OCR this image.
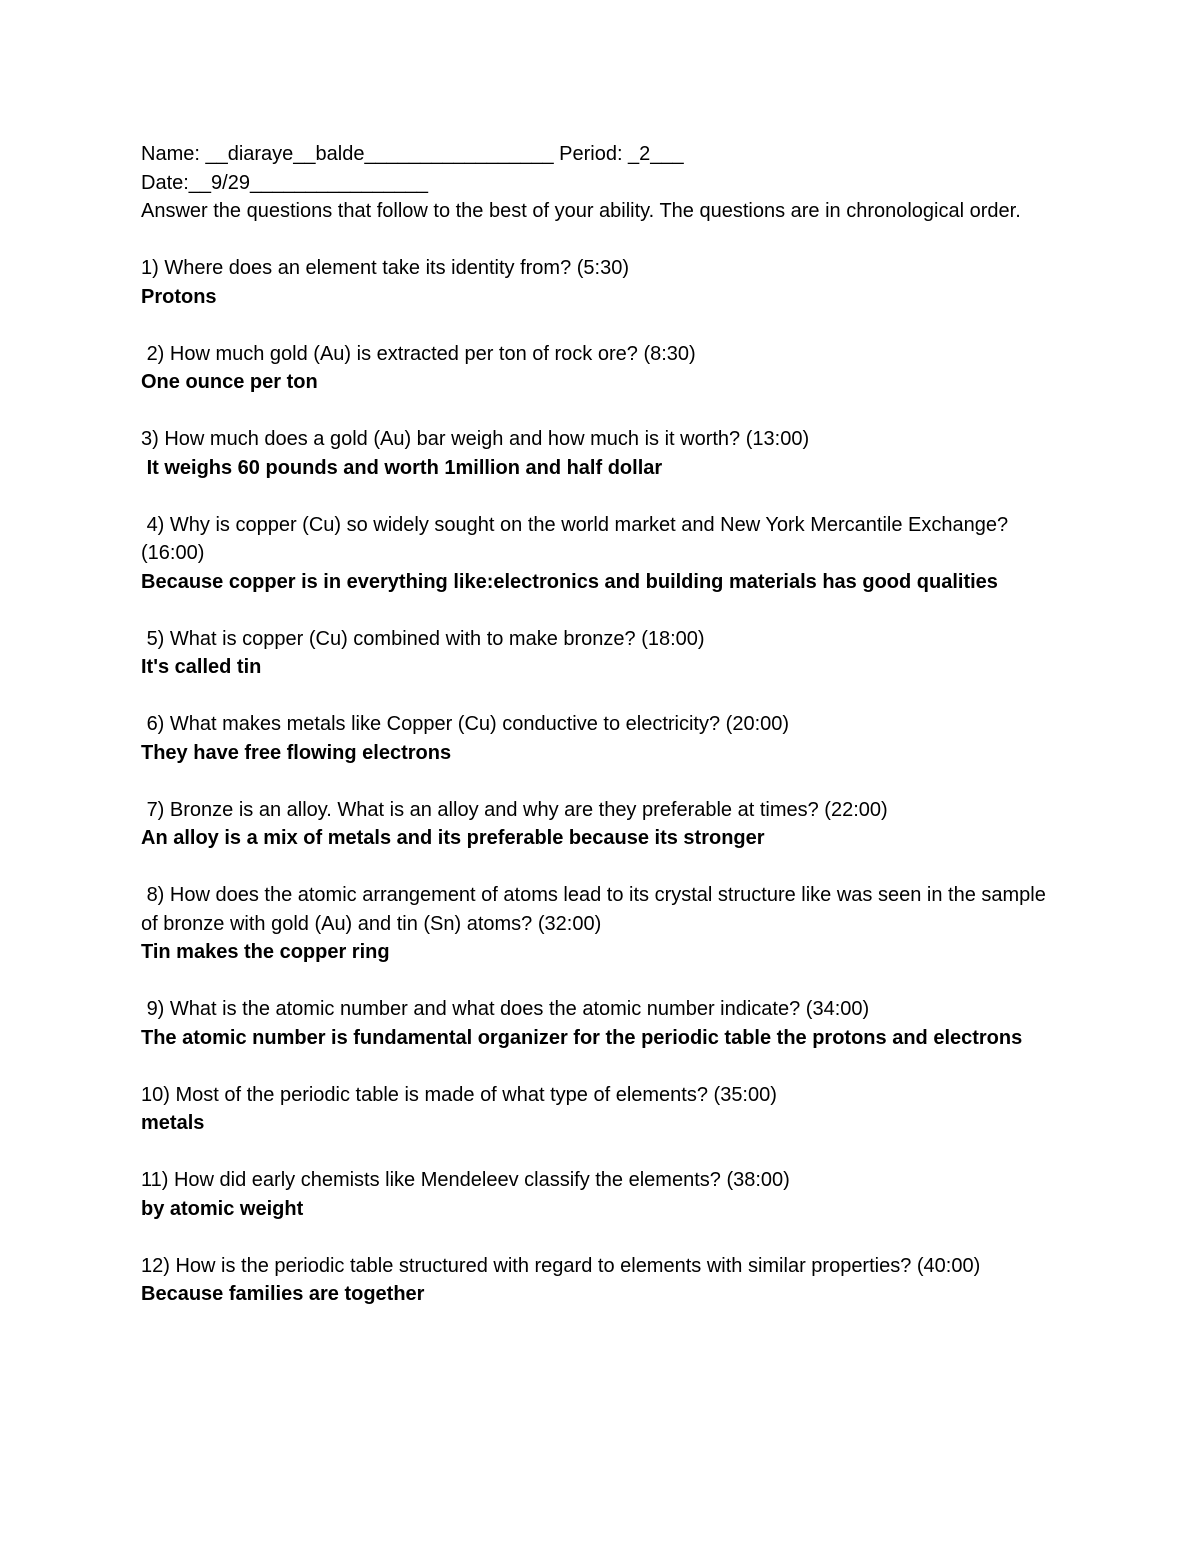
Name: __diaraye__balde_________________ Period: _2___

Date:__9/29________________

Answer the questions that follow to the best of your ability. The questions are in chronological order.

1) Where does an element take its identity from? (5:30)

Protons

2) How much gold (Au) is extracted per ton of rock ore? (8:30)

One ounce per ton

3) How much does a gold (Au) bar weigh and how much is it worth? (13:00)

It weighs 60 pounds and worth 1million and half dollar

4) Why is copper (Cu) so widely sought on the world market and New York Mercantile Exchange? (16:00)

Because copper is in everything like:electronics and building materials has good qualities

5) What is copper (Cu) combined with to make bronze? (18:00)

It's called tin

6) What makes metals like Copper (Cu) conductive to electricity? (20:00)

They have free flowing electrons

7) Bronze is an alloy. What is an alloy and why are they preferable at times? (22:00)

An alloy is a mix of metals and its preferable because its stronger

8) How does the atomic arrangement of atoms lead to its crystal structure like was seen in the sample of bronze with gold (Au) and tin (Sn) atoms? (32:00)

Tin makes the copper ring

9) What is the atomic number and what does the atomic number indicate? (34:00)

The atomic number is fundamental organizer for the periodic table the protons and electrons

10) Most of the periodic table is made of what type of elements? (35:00)

metals

11) How did early chemists like Mendeleev classify the elements? (38:00)

by atomic weight

12) How is the periodic table structured with regard to elements with similar properties? (40:00)

Because families are together
